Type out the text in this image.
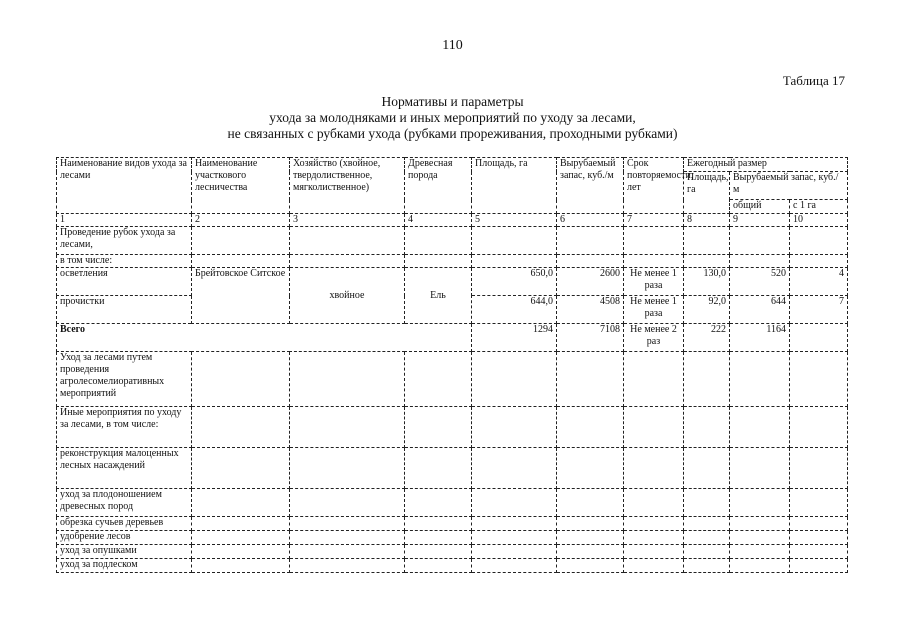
110
Таблица 17
Нормативы и параметры
ухода за молодняками и иных мероприятий по уходу за лесами,
не связанных с рубками ухода (рубками прореживания, проходными рубками)
Наименование видов ухода за лесами	Наименование участкового лесничества	Хозяйство (хвойное, твердолиственное, мягколиственное)	Древесная порода	Площадь, га	Вырубаемый запас, куб./м	Срок повторяемости, лет	Ежегодный размер		
							Площадь, га	Вырубаемый запас, куб./м	
								общий	с 1 га
1	2	3	4	5	6	7	8	9	10
Проведение рубок ухода за лесами,									
в том числе:									
осветления	Брейтовское Ситское	хвойное	Ель	650,0	2600	Не менее 1 раза	130,0	520	4
прочистки				644,0	4508	Не менее 1 раза	92,0	644	7
Всего				1294	7108	Не менее 2 раз	222	1164	
Уход за лесами путем проведения агролесомелиоративных мероприятий									
Иные мероприятия по уходу за лесами, в том числе:									
реконструкция малоценных лесных насаждений									
уход за плодоношением древесных пород									
обрезка сучьев деревьев									
удобрение лесов									
уход за опушками									
уход за подлеском									
